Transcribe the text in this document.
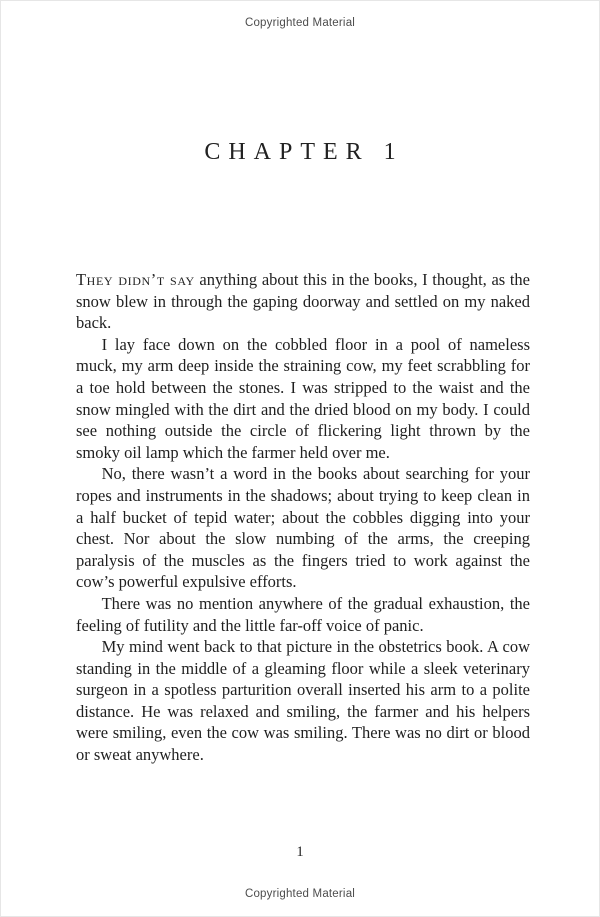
Copyrighted Material
CHAPTER 1

They didn’t say anything about this in the books, I thought, as the snow blew in through the gaping doorway and settled on my naked back.

I lay face down on the cobbled floor in a pool of nameless muck, my arm deep inside the straining cow, my feet scrabbling for a toe hold between the stones. I was stripped to the waist and the snow mingled with the dirt and the dried blood on my body. I could see nothing outside the circle of flickering light thrown by the smoky oil lamp which the farmer held over me.

No, there wasn’t a word in the books about searching for your ropes and instruments in the shadows; about trying to keep clean in a half bucket of tepid water; about the cobbles digging into your chest. Nor about the slow numbing of the arms, the creeping paralysis of the muscles as the fingers tried to work against the cow’s powerful expulsive efforts.

There was no mention anywhere of the gradual exhaustion, the feeling of futility and the little far-off voice of panic.

My mind went back to that picture in the obstetrics book. A cow standing in the middle of a gleaming floor while a sleek veterinary surgeon in a spotless parturition overall inserted his arm to a polite distance. He was relaxed and smiling, the farmer and his helpers were smiling, even the cow was smiling. There was no dirt or blood or sweat anywhere.

1
Copyrighted Material
